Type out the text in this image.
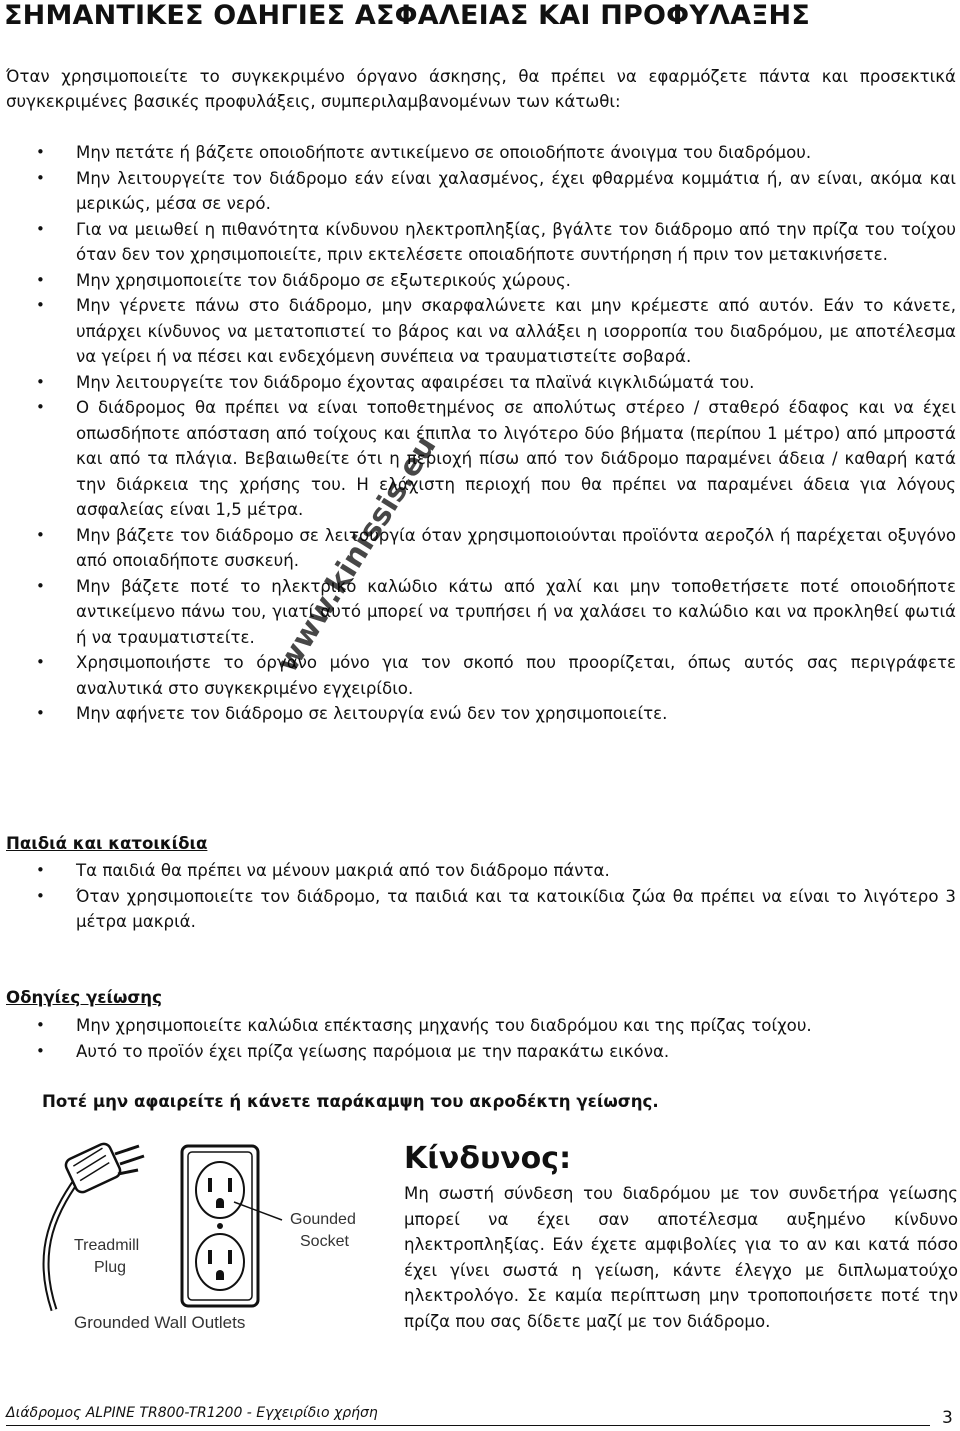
ΣΗΜΑΝΤΙΚΕΣ ΟΔΗΓΙΕΣ ΑΣΦΑΛΕΙΑΣ ΚΑΙ ΠΡΟΦΥΛΑΞΗΣ

Όταν χρησιμοποιείτε το συγκεκριμένο όργανο άσκησης, θα πρέπει να εφαρμόζετε πάντα και προσεκτικά συγκεκριμένες βασικές προφυλάξεις, συμπεριλαμβανομένων των κάτωθι:

• Μην πετάτε ή βάζετε οποιοδήποτε αντικείμενο σε οποιοδήποτε άνοιγμα του διαδρόμου.
• Μην λειτουργείτε τον διάδρομο εάν είναι χαλασμένος, έχει φθαρμένα κομμάτια ή, αν είναι, ακόμα και μερικώς, μέσα σε νερό.
• Για να μειωθεί η πιθανότητα κίνδυνου ηλεκτροπληξίας, βγάλτε τον διάδρομο από την πρίζα του τοίχου όταν δεν τον χρησιμοποιείτε, πριν εκτελέσετε οποιαδήποτε συντήρηση ή πριν τον μετακινήσετε.
• Μην χρησιμοποιείτε τον διάδρομο σε εξωτερικούς χώρους.
• Μην γέρνετε πάνω στο διάδρομο, μην σκαρφαλώνετε και μην κρέμεστε από αυτόν. Εάν το κάνετε, υπάρχει κίνδυνος να μετατοπιστεί το βάρος και να αλλάξει η ισορροπία του διαδρόμου, με αποτέλεσμα να γείρει ή να πέσει και ενδεχόμενη συνέπεια να τραυματιστείτε σοβαρά.
• Μην λειτουργείτε τον διάδρομο έχοντας αφαιρέσει τα πλαϊνά κιγκλιδώματά του.
• Ο διάδρομος θα πρέπει να είναι τοποθετημένος σε απολύτως στέρεο / σταθερό έδαφος και να έχει οπωσδήποτε απόσταση από τοίχους και έπιπλα το λιγότερο δύο βήματα (περίπου 1 μέτρο) από μπροστά και από τα πλάγια. Βεβαιωθείτε ότι η περιοχή πίσω από τον διάδρομο παραμένει άδεια / καθαρή κατά την διάρκεια της χρήσης του. Η ελάχιστη περιοχή που θα πρέπει να παραμένει άδεια για λόγους ασφαλείας είναι 1,5 μέτρα.
• Μην βάζετε τον διάδρομο σε λειτουργία όταν χρησιμοποιούνται προϊόντα αεροζόλ ή παρέχεται οξυγόνο από οποιαδήποτε συσκευή.
• Μην βάζετε ποτέ το ηλεκτρικό καλώδιο κάτω από χαλί και μην τοποθετήσετε ποτέ οποιοδήποτε αντικείμενο πάνω του, γιατί αυτό μπορεί να τρυπήσει ή να χαλάσει το καλώδιο και να προκληθεί φωτιά ή να τραυματιστείτε.
• Χρησιμοποιήστε το όργανο μόνο για τον σκοπό που προορίζεται, όπως αυτός σας περιγράφετε αναλυτικά στο συγκεκριμένο εγχειρίδιο.
• Μην αφήνετε τον διάδρομο σε λειτουργία ενώ δεν τον χρησιμοποιείτε.

Παιδιά και κατοικίδια

• Τα παιδιά θα πρέπει να μένουν μακριά από τον διάδρομο πάντα.
• Όταν χρησιμοποιείτε τον διάδρομο, τα παιδιά και τα κατοικίδια ζώα θα πρέπει να είναι το λιγότερο 3 μέτρα μακριά.

Οδηγίες γείωσης

• Μην χρησιμοποιείτε καλώδια επέκτασης μηχανής του διαδρόμου και της πρίζας τοίχου.
• Αυτό το προϊόν έχει πρίζα γείωσης παρόμοια με την παρακάτω εικόνα.

Ποτέ μην αφαιρείτε ή κάνετε παράκαμψη του ακροδέκτη γείωσης.

Treadmill
Plug
Gounded
Socket
Grounded Wall Outlets

Κίνδυνος:

Μη σωστή σύνδεση του διαδρόμου με τον συνδετήρα γείωσης μπορεί να έχει σαν αποτέλεσμα αυξημένο κίνδυνο ηλεκτροπληξίας. Εάν έχετε αμφιβολίες για το αν και κατά πόσο έχει γίνει σωστά η γείωση, κάντε έλεγχο με διπλωματούχο ηλεκτρολόγο. Σε καμία περίπτωση μην τροποποιήσετε ποτέ την πρίζα που σας δίδετε μαζί με τον διάδρομο.

www.kinissis.eu

Διάδρομος ALPINE TR800-TR1200 - Εγχειρίδιο χρήση	3
